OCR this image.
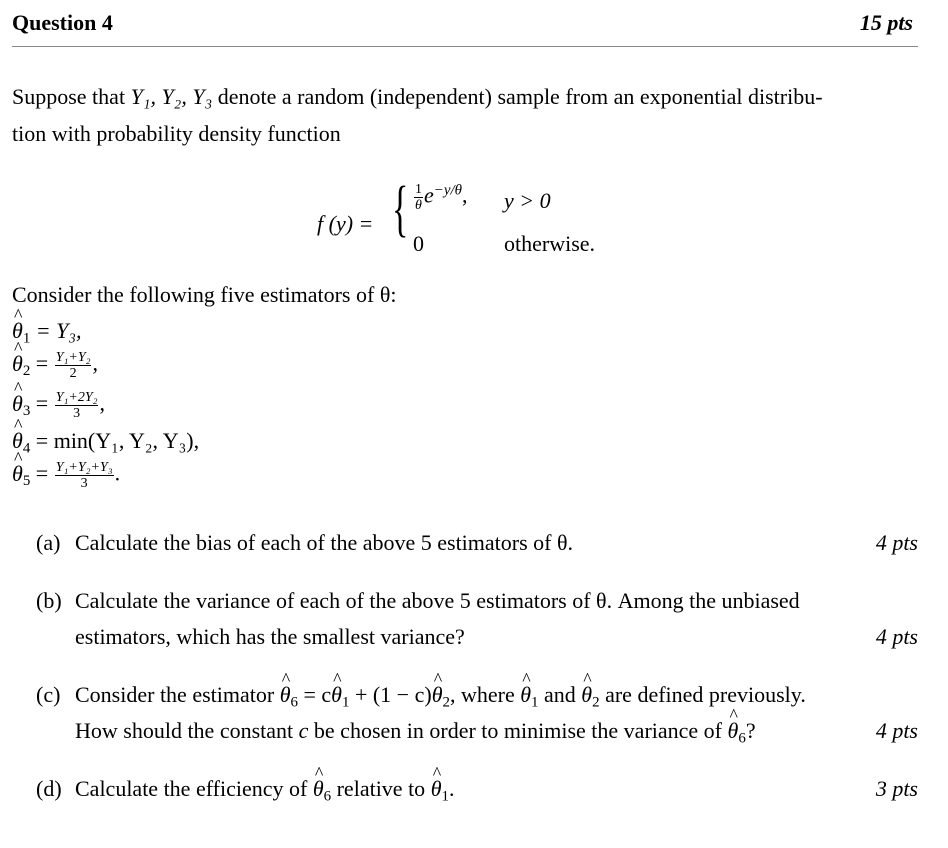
Question 4	15 pts
Suppose that Y₁, Y₂, Y₃ denote a random (independent) sample from an exponential distribu-
tion with probability density function
f (y) = { $\frac{1}{\theta} e^{-y/\theta}$, y > 0
0	otherwise.
Consider the following five estimators of θ:
^ $\theta_1 = Y_3$,
^ $\theta_2 = \frac{\text{Y₁+Y₂}}{2}$ ,
^ $\theta_3 = \frac{\text{Y₁+2Y₂}}{3}$ ,
^ $\theta_4 = \min(Y_1$, Y₂, Y₃),
^ $\theta_5 = \frac{\text{Y₁+Y₂+Y₃}}{3}$ .
(a) Calculate the bias of each of the above 5 estimators of θ.	4 pts
(b) Calculate the variance of each of the above 5 estimators of θ. Among the unbiased
estimators, which has the smallest variance?	4 pts
(c) Consider the estimator ^ $\theta_6$ = c^ $\theta_1 + (1$ − c)^ $\theta_2$, where ^ $\theta_1$ and ^ $\theta_2$ are defined previously.
How should the constant c be chosen in order to minimise the variance of ^ $\theta_6$?	4 pts
(d) Calculate the efficiency of ^ $\theta_6$ relative to ^ $\theta_1$.	3 pts
